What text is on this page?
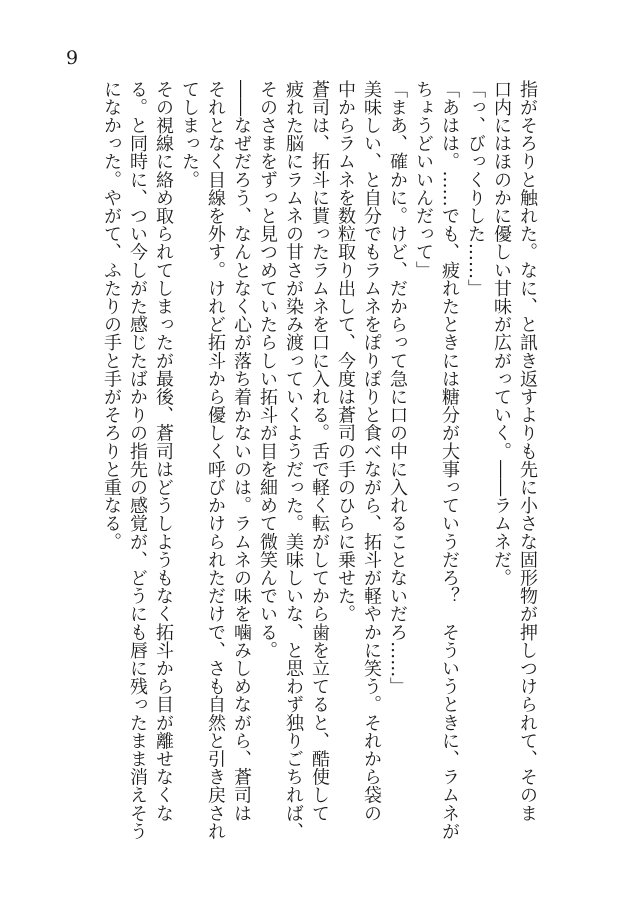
9
指がそろりと触れた。なに、と訊き返すよりも先に小さな固形物が押しつけられて、そのま
口内にはほのかに優しい甘味が広がっていく。――ラムネだ。
「っ、びっくりした……」
「あはは。……でも、疲れたときには糖分が大事っていうだろ？　そういうときに、ラムネが
ちょうどいいんだって」
「まあ、確かに。けど、だからって急に口の中に入れることないだろ……」
美味しい、と自分でもラムネをぽりぽりと食べながら、拓斗が軽やかに笑う。それから袋の
中からラムネを数粒取り出して、今度は蒼司の手のひらに乗せた。
蒼司は、拓斗に貰ったラムネを口に入れる。舌で軽く転がしてから歯を立てると、酷使して
疲れた脳にラムネの甘さが染み渡っていくようだった。美味しいな、と思わず独りごちれば、
そのさまをずっと見つめていたらしい拓斗が目を細めて微笑んでいる。
――なぜだろう、なんとなく心が落ち着かないのは。ラムネの味を噛みしめながら、蒼司は
それとなく目線を外す。けれど拓斗から優しく呼びかけられただけで、さも自然と引き戻され
てしまった。
その視線に絡め取られてしまったが最後、蒼司はどうしようもなく拓斗から目が離せなくな
る。と同時に、つい今しがた感じたばかりの指先の感覚が、どうにも唇に残ったまま消えそう
になかった。やがて、ふたりの手と手がそろりと重なる。
